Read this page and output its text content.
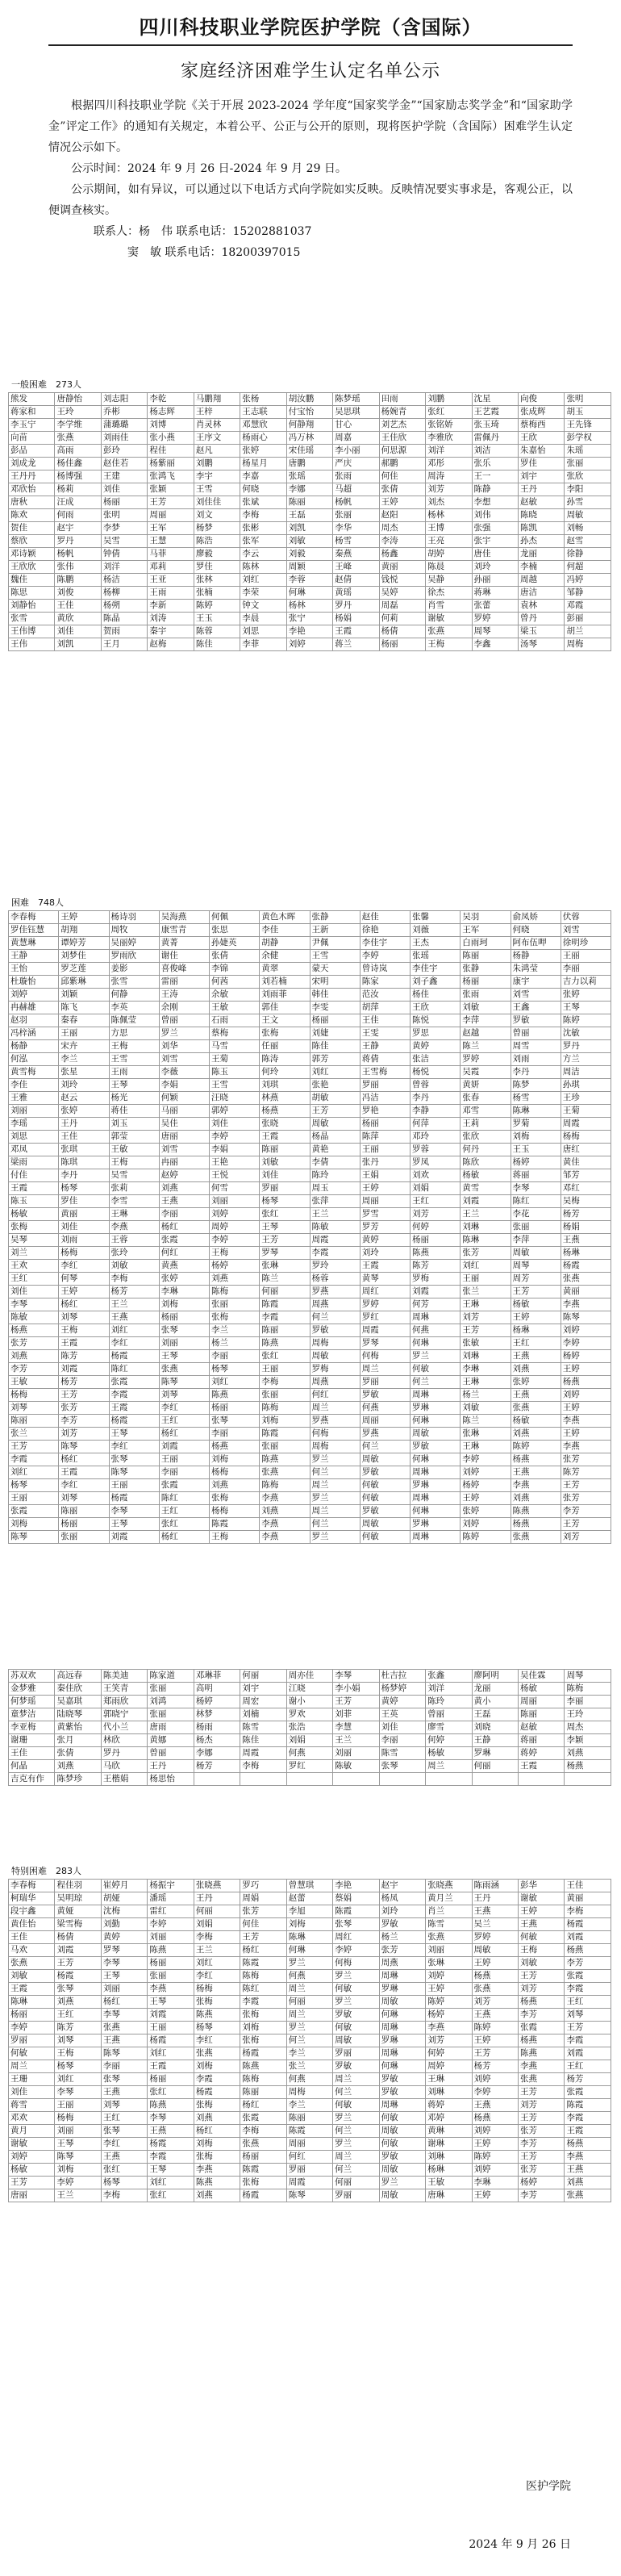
四川科技职业学院医护学院（含国际）
家庭经济困难学生认定名单公示

根据四川科技职业学院《关于开展 2023-2024 学年度“国家奖学金”“国家励志奖学金”和“国家助学金”评定工作》的通知有关规定，本着公平、公正与公开的原则，现将医护学院（含国际）困难学生认定情况公示如下。

公示时间：2024 年 9 月 26 日-2024 年 9 月 29 日。

公示期间，如有异议，可以通过以下电话方式向学院如实反映。反映情况要实事求是，客观公正，以便调查核实。

联系人：杨　伟 联系电话：15202881037

窦　敏 联系电话：18200397015

一般困难　273人
熊发	唐静怡	刘志阳	李乾	马鹏翔	张杨	胡汝鹏	陈梦瑶	田雨	刘鹏	沈星	向俊	张明
蒋家和	王玲	乔彬	杨志辉	王梓	王志联	付宝怡	吴思琪	杨婉青	张红	王艺霞	张成辉	胡玉
李玉宁	李学维	蒲璐璐	刘博	肖灵林	邓慧欣	何静翔	甘心	刘艺杰	张铭娇	张玉琦	蔡梅西	王先锋
向苗	张燕	刘雨佳	张小燕	王序文	杨雨心	冯万林	周嘉	王佳欣	李雅欣	雷佩丹	王欣	彭学权
彭品	高雨	彭玲	程佳	赵凡	张婷	宋佳瑶	李小丽	何思源	刘洋	刘洁	朱嘉怡	朱瑶
刘成龙	杨佳鑫	赵佳若	杨紫丽	刘鹏	杨星月	唐鹏	严庆	郝鹏	邓彤	张乐	罗佳	张丽
王丹丹	杨博强	王建	张鸿飞	李宇	李嘉	张瑶	张雨	何佳	周涛	王一	刘宇	张欣
邓欣怡	杨莉	刘佳	张颖	王雪	何晓	李娜	马超	张倩	刘芳	陈静	王丹	李阳
唐秋	汪成	杨丽	王芳	刘佳佳	张斌	陈丽	杨帆	王婷	刘杰	李想	赵敏	孙雪
陈欢	何雨	张明	周丽	刘文	李梅	王磊	张丽	赵阳	杨林	刘伟	陈晓	周敏
贺佳	赵宇	李梦	王军	杨梦	张彬	刘凯	李华	周杰	王博	张强	陈凯	刘畅
蔡欣	罗丹	吴雪	王慧	陈浩	张军	刘敏	杨雪	李涛	王亮	张宇	孙杰	赵雪
邓诗颖	杨帆	钟倩	马菲	廖毅	李云	刘毅	秦燕	杨鑫	胡婷	唐佳	龙丽	徐静
王欣欣	张伟	刘洋	邓莉	罗佳	陈林	周颖	王峰	黄丽	陈晨	刘玲	李楠	何超
魏佳	陈鹏	杨洁	王亚	张林	刘红	李蓉	赵倩	钱悦	吴静	孙丽	周越	冯婷
陈思	刘俊	杨柳	王雨	张楠	李荣	何琳	黄瑶	吴婷	徐杰	蒋琳	唐洁	邹静
刘静怡	王佳	杨朔	李新	陈婷	钟文	杨林	罗丹	周磊	肖雪	张蕾	袁林	邓霞
张雪	黄欣	陈晶	刘涛	王玉	李晨	张宁	杨娟	何莉	谢敏	罗婷	曾丹	彭丽
王伟博	刘佳	贺雨	秦宇	陈蓉	刘思	李艳	王霞	杨倩	张燕	周琴	梁玉	胡兰
王伟	刘凯	王月	赵梅	陈佳	李菲	刘婷	蒋兰	杨丽	王梅	李鑫	汤琴	周梅
困难　748人
李春梅	王婷	杨诗羽	吴海燕	何佩	黄色木晖	张静	赵佳	张馨	吴羽	俞凤娇	伏蓉
罗佳钰慧	胡翔	周牧	康雪青	张思	李佳	王新	徐艳	刘薇	王军	何晓	刘雪
黄慧琳	谭婷芳	吴丽婷	黄菁	孙婕英	胡静	尹佩	李佳宇	王杰	白雨珂	阿布伍呷	徐明珍
王静	刘梦佳	罗雨欣	谢佳	张倩	余健	王雪	李婷	张瑶	陈丽	杨静	王丽
王怡	罗芝莲	姜影	喜俊峰	李锦	黄翠	蒙天	曾诗岚	李佳宇	张静	朱鸿莹	李丽
杜璇怡	邱紫琳	张雪	雷丽	何茜	刘若楠	宋明	陈家	刘子鑫	杨丽	康宇	吉力以莉
刘婷	刘颖	何静	王涛	余敏	刘雨菲	韩佳	范汝	杨佳	张雨	刘雪	张婷
冉赫雄	陈飞	李英	余刚	王敏	郭佳	李雯	胡萍	王欣	刘敏	王鑫	王琴
赵羽	秦春	陈佩莹	曾丽	石雨	王文	杨丽	王佳	陈悦	李萍	罗敏	陈婷
冯梓涵	王丽	方思	罗兰	蔡梅	张梅	刘婕	王雯	罗思	赵越	曾丽	沈敏
杨静	宋卉	王梅	刘华	马雪	任丽	陈佳	王静	黄婷	陈兰	周雪	罗丹
何泓	李兰	王雪	刘雪	王菊	陈涛	郭芳	蒋倩	张洁	罗婷	刘雨	方兰
黄雪梅	张星	王雨	李薇	陈玉	何玲	刘红	王雪梅	杨悦	吴霞	李丹	周洁
李佳	刘玲	王琴	李娟	王雪	刘琪	张艳	罗丽	曾蓉	黄妍	陈梦	孙琪
王雅	赵云	杨光	何颖	汪晓	林燕	胡敏	冯洁	李丹	张春	杨雪	王珍
刘丽	张婷	蒋佳	马丽	郭婷	杨燕	王芳	罗艳	李静	邓雪	陈琳	王菊
李瑶	王丹	刘玉	吴佳	刘佳	张晓	周敏	杨丽	何萍	王莉	罗菊	周霞
刘思	王佳	郭莹	唐丽	李婷	王霞	杨晶	陈萍	邓玲	张欣	刘梅	杨梅
邓凤	张琪	王敏	刘雪	李娟	陈丽	黄艳	王丽	罗蓉	何丹	王玉	唐红
梁雨	陈琪	王梅	冉丽	王艳	刘敏	李倩	张丹	罗凤	陈欣	杨婷	黄佳
付佳	李丹	吴雪	赵婷	王悦	刘佳	陈玲	王娟	刘欢	杨敏	蒋丽	邹芳
王霞	杨琴	张莉	刘燕	何雪	罗丽	周玉	王婷	刘娟	黄雪	李琴	邓红
陈玉	罗佳	李雪	王燕	刘丽	杨琴	张萍	周丽	王红	刘霞	陈红	吴梅
杨敏	黄丽	王琳	李丽	刘婷	张红	王兰	罗雪	刘芳	王兰	李花	杨芳
张梅	刘佳	李燕	杨红	周婷	王琴	陈敏	罗芳	何婷	刘琳	张丽	杨娟
吴琴	刘雨	王蓉	张霞	李婷	王芳	周霞	黄婷	杨丽	陈琳	李萍	王燕
刘兰	杨梅	张玲	何红	王梅	罗琴	李霞	刘玲	陈燕	张芳	周敏	杨琳
王欢	李红	刘敏	黄燕	杨婷	张琳	罗玲	王霞	陈芳	刘红	周琴	杨霞
王红	何琴	李梅	张婷	刘燕	陈兰	杨蓉	黄琴	罗梅	王丽	周芳	张燕
刘佳	王婷	杨芳	李琳	陈梅	何丽	罗燕	周红	刘霞	张兰	王芳	黄丽
李琴	杨红	王兰	刘梅	张丽	陈霞	周燕	罗婷	何芳	王琳	杨敏	李燕
陈敏	刘琴	王燕	杨丽	张梅	李霞	何兰	罗红	周琳	刘芳	王婷	陈琴
杨燕	王梅	刘红	张琴	李兰	陈丽	罗敏	周霞	何燕	王芳	杨琳	刘婷
张芳	王霞	李红	刘丽	杨兰	陈燕	周梅	罗琴	何琳	张敏	王红	李婷
刘燕	陈芳	杨霞	王琴	李丽	张红	周敏	何梅	罗兰	刘琳	王燕	杨婷
李芳	刘霞	陈红	张燕	杨琴	王丽	罗梅	周兰	何敏	李琳	刘燕	王婷
王敏	杨芳	张霞	陈琴	刘红	李梅	周燕	罗丽	何兰	王琳	张婷	杨燕
杨梅	王芳	李霞	刘琴	陈燕	张丽	何红	罗敏	周琳	杨兰	王燕	刘婷
刘琴	张芳	王霞	李红	杨丽	陈梅	周兰	何燕	罗琳	刘敏	张燕	王婷
陈丽	李芳	杨霞	王红	张琴	刘梅	罗燕	周丽	何琳	陈兰	杨敏	李燕
张兰	刘芳	王琴	杨红	李丽	陈霞	何梅	罗燕	周敏	张琳	刘燕	王婷
王芳	陈琴	李红	刘霞	杨燕	张丽	周梅	何兰	罗敏	王琳	陈婷	李燕
李霞	杨红	张琴	王丽	刘梅	陈燕	罗兰	周敏	何琳	李婷	杨燕	张芳
刘红	王霞	陈琴	李丽	杨梅	张燕	何兰	罗敏	周琳	刘婷	王燕	陈芳
杨琴	李红	王丽	张霞	刘燕	陈梅	周兰	何敏	罗琳	杨婷	李燕	王芳
王丽	刘琴	杨霞	陈红	张梅	李燕	罗兰	何敏	周琳	王婷	刘燕	张芳
张霞	陈丽	李琴	王红	杨梅	刘燕	周兰	罗敏	何琳	张婷	陈燕	李芳
刘梅	杨丽	王琴	张红	陈霞	李燕	何兰	周敏	罗琳	刘婷	杨燕	王芳
陈琴	张丽	刘霞	杨红	王梅	李燕	罗兰	何敏	周琳	陈婷	张燕	刘芳
苏双欢	高远春	陈美迪	陈家道	邓琳菲	何丽	周亦佳	李琴	杜吉拉	张鑫	廖阿明	吴佳霖	周琴
金梦雅	秦佳欣	王笑青	张丽	高明	刘宇	江晓	李小娟	杨梦婷	刘洋	龙丽	杨敏	陈梅
何梦瑶	吴嘉琪	郑雨欣	刘鸿	杨婷	周宏	谢小	王芳	黄婷	陈玲	黄小	周丽	李丽
童梦洁	陆晓琴	郭晓宁	张丽	林梦	刘楠	罗欢	刘菲	王英	曾丽	王磊	陈丽	王玲
李亚梅	黄紫怡	代小兰	唐雨	杨雨	陈雪	张浩	李慧	刘佳	廖雪	刘晓	赵敏	周杰
谢珊	张月	林欣	黄娜	杨杰	陈佳	刘娟	王兰	李丽	何婷	王静	蒋丽	李颖
王佳	张倩	罗丹	曾丽	李娜	周霞	何燕	刘丽	陈雪	杨敏	罗琳	蒋婷	刘燕
何晶	刘燕	马欣	王丹	杨芳	李梅	罗红	陈敏	张琴	周兰	何丽	王霞	杨燕
吉克有作	陈梦珍	王楷娟	杨思怡									
特别困难　283人
李春梅	程佳羽	崔婷月	杨振宇	张晓燕	罗巧	曾慧琪	李艳	赵宇	张晓燕	陈雨涵	彭华	王佳
柯瑞华	吴明琼	胡娅	潘瑶	王丹	周娟	赵蕾	蔡娟	杨凤	黄月兰	王丹	谢敏	黄丽
段宇鑫	黄娅	沈梅	雷红	何丽	张芳	李旭	陈霞	刘玲	肖兰	王燕	王婷	李梅
黄佳怡	梁雪梅	刘勤	李婷	刘娟	何佳	刘梅	张琴	罗敏	陈雪	吴兰	王燕	杨霞
王佳	杨倩	黄婷	刘丽	李梅	王芳	陈琳	周红	杨兰	张燕	罗婷	何敏	刘霞
马欢	刘霞	罗琴	陈燕	王兰	杨红	何琳	李婷	张芳	刘丽	周敏	王梅	杨燕
张燕	王芳	李琴	杨丽	刘红	陈霞	罗兰	何梅	周燕	张琳	王婷	刘敏	李芳
刘敏	杨霞	王琴	张丽	李红	陈梅	何燕	罗兰	周琳	刘婷	杨燕	王芳	张霞
王霞	张琴	刘丽	李燕	杨梅	陈红	周兰	何敏	罗琳	王婷	张燕	刘芳	李霞
陈琳	刘燕	杨红	王琴	张梅	李霞	何丽	罗兰	周敏	陈婷	刘芳	杨燕	王红
杨丽	王红	李琴	刘霞	陈燕	张梅	周兰	罗敏	何琳	杨婷	王燕	李芳	刘琴
李婷	陈芳	张燕	王丽	杨琴	刘梅	罗兰	何敏	周琳	李燕	陈婷	张霞	王芳
罗丽	刘琴	王燕	杨霞	李红	张梅	何兰	周敏	罗琳	刘芳	王婷	杨燕	李霞
何敏	王梅	陈琴	刘红	张燕	杨霞	李兰	罗丽	周琳	何婷	王芳	陈燕	刘霞
周兰	杨琴	李丽	王霞	刘梅	陈燕	张兰	罗敏	何琳	周婷	杨芳	李燕	王红
王珊	刘红	张琴	杨丽	李霞	陈梅	何燕	周兰	罗敏	王琳	刘婷	张燕	杨芳
刘佳	李琴	王燕	张红	杨霞	陈丽	周梅	何兰	罗敏	刘琳	李婷	王芳	张霞
蒋雪	王丽	刘琴	陈燕	张梅	杨红	李兰	何敏	周琳	蒋婷	王燕	刘芳	陈霞
邓欢	杨梅	王红	李琴	刘燕	张霞	陈丽	罗兰	何敏	邓婷	杨燕	王芳	李霞
黄月	刘丽	张琴	王燕	杨红	李梅	陈霞	何兰	周敏	黄琳	刘婷	张芳	王霞
谢敏	王琴	李红	杨霞	刘梅	张燕	周丽	罗兰	何敏	谢琳	王婷	李芳	杨燕
刘婷	陈琴	王燕	李霞	张梅	杨丽	何红	周兰	罗敏	刘琳	陈婷	王芳	李燕
杨敏	刘梅	张红	王琴	李燕	陈霞	罗丽	何兰	周敏	杨琳	刘婷	张芳	王燕
王芳	李婷	杨琴	刘红	陈燕	张梅	周霞	何丽	罗兰	王敏	李琳	杨婷	刘燕
唐丽	王兰	李梅	张红	刘燕	杨霞	陈琴	罗丽	周敏	唐琳	王婷	李芳	张燕
医护学院
2024 年 9 月 26 日
